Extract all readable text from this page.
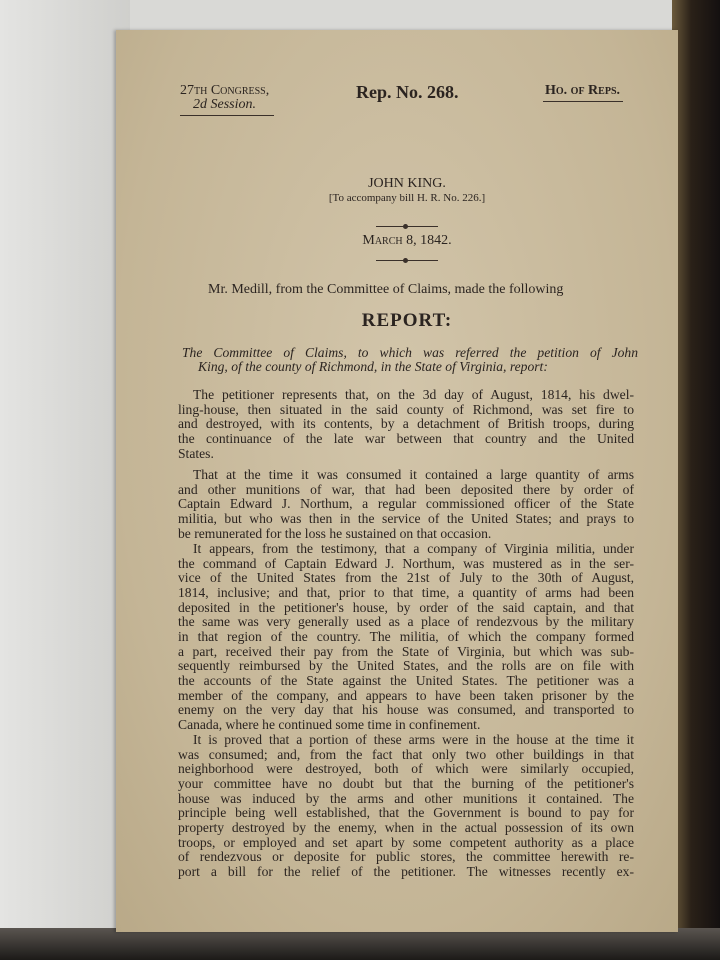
27th Congress,
2d Session.
Rep. No. 268.	Ho. of Reps.
JOHN KING.
[To accompany bill H. R. No. 226.]
March 8, 1842.
Mr. Medill, from the Committee of Claims, made the following
REPORT:
The Committee of Claims, to which was referred the petition of John
King, of the county of Richmond, in the State of Virginia, report:
The petitioner represents that, on the 3d day of August, 1814, his dwel-
ling-house, then situated in the said county of Richmond, was set fire to
and destroyed, with its contents, by a detachment of British troops, during
the continuance of the late war between that country and the United
States.
That at the time it was consumed it contained a large quantity of arms
and other munitions of war, that had been deposited there by order of
Captain Edward J. Northum, a regular commissioned officer of the State
militia, but who was then in the service of the United States; and prays to
be remunerated for the loss he sustained on that occasion.
It appears, from the testimony, that a company of Virginia militia, under
the command of Captain Edward J. Northum, was mustered as in the ser-
vice of the United States from the 21st of July to the 30th of August,
1814, inclusive; and that, prior to that time, a quantity of arms had been
deposited in the petitioner's house, by order of the said captain, and that
the same was very generally used as a place of rendezvous by the military
in that region of the country. The militia, of which the company formed
a part, received their pay from the State of Virginia, but which was sub-
sequently reimbursed by the United States, and the rolls are on file with
the accounts of the State against the United States. The petitioner was a
member of the company, and appears to have been taken prisoner by the
enemy on the very day that his house was consumed, and transported to
Canada, where he continued some time in confinement.
It is proved that a portion of these arms were in the house at the time it
was consumed; and, from the fact that only two other buildings in that
neighborhood were destroyed, both of which were similarly occupied,
your committee have no doubt but that the burning of the petitioner's
house was induced by the arms and other munitions it contained. The
principle being well established, that the Government is bound to pay for
property destroyed by the enemy, when in the actual possession of its own
troops, or employed and set apart by some competent authority as a place
of rendezvous or deposite for public stores, the committee herewith re-
port a bill for the relief of the petitioner. The witnesses recently ex-
